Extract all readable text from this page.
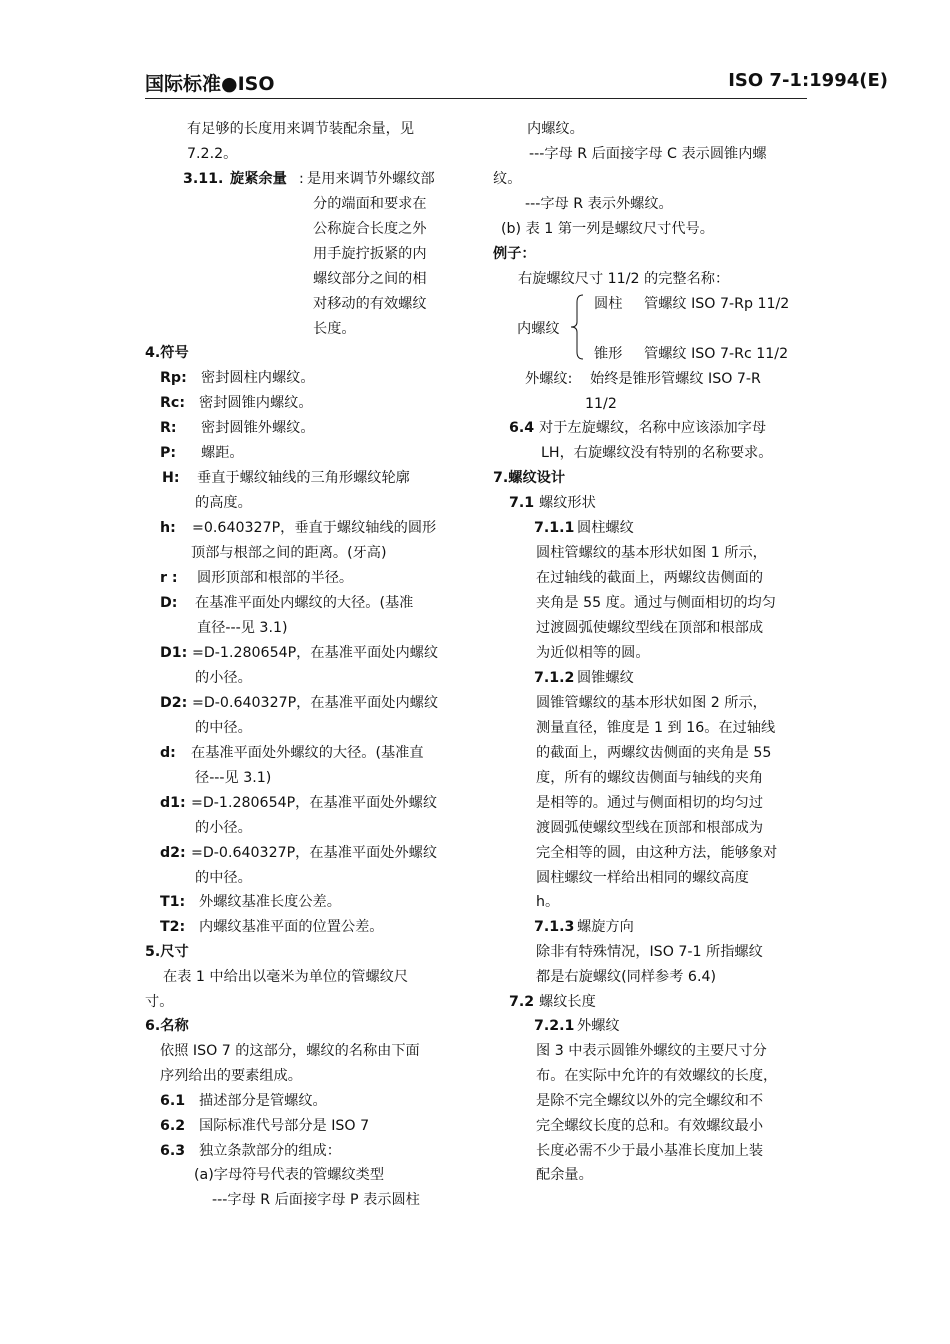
国际标准●ISO	ISO 7-1:1994(E)
有足够的长度用来调节装配余量，见
7.2.2。
3.11. 旋紧余量 : 是用来调节外螺纹部
分的端面和要求在
公称旋合长度之外
用手旋拧扳紧的内
螺纹部分之间的相
对移动的有效螺纹
长度。
4.符号
Rp: 密封圆柱内螺纹。
Rc: 密封圆锥内螺纹。
R: 密封圆锥外螺纹。
P: 螺距。
H: 垂直于螺纹轴线的三角形螺纹轮廓
的高度。
h: =0.640327P，垂直于螺纹轴线的圆形
顶部与根部之间的距离。(牙高)
r : 圆形顶部和根部的半径。
D: 在基准平面处内螺纹的大径。(基准
直径---见 3.1)
D1: =D-1.280654P，在基准平面处内螺纹
的小径。
D2: =D-0.640327P，在基准平面处内螺纹
的中径。
d: 在基准平面处外螺纹的大径。(基准直
径---见 3.1)
d1: =D-1.280654P，在基准平面处外螺纹
的小径。
d2: =D-0.640327P，在基准平面处外螺纹
的中径。
T1: 外螺纹基准长度公差。
T2: 内螺纹基准平面的位置公差。
5.尺寸
在表 1 中给出以毫米为单位的管螺纹尺
寸。
6.名称
依照 ISO 7 的这部分，螺纹的名称由下面
序列给出的要素组成。
6.1 描述部分是管螺纹。
6.2 国际标准代号部分是 ISO 7
6.3 独立条款部分的组成：
(a)字母符号代表的管螺纹类型
---字母 R 后面接字母 P 表示圆柱
内螺纹。
---字母 R 后面接字母 C 表示圆锥内螺
纹。
---字母 R 表示外螺纹。
(b) 表 1 第一列是螺纹尺寸代号。
例子：
右旋螺纹尺寸 11/2 的完整名称：
内螺纹
圆柱 管螺纹 ISO 7-Rp 11/2
锥形 管螺纹 ISO 7-Rc 11/2
外螺纹: 始终是锥形管螺纹 ISO 7-R
11/2
6.4 对于左旋螺纹，名称中应该添加字母
LH，右旋螺纹没有特别的名称要求。
7.螺纹设计
7.1 螺纹形状
7.1.1 圆柱螺纹
圆柱管螺纹的基本形状如图 1 所示，
在过轴线的截面上，两螺纹齿侧面的
夹角是 55 度。通过与侧面相切的均匀
过渡圆弧使螺纹型线在顶部和根部成
为近似相等的圆。
7.1.2 圆锥螺纹
圆锥管螺纹的基本形状如图 2 所示，
测量直径，锥度是 1 到 16。在过轴线
的截面上，两螺纹齿侧面的夹角是 55
度，所有的螺纹齿侧面与轴线的夹角
是相等的。通过与侧面相切的均匀过
渡圆弧使螺纹型线在顶部和根部成为
完全相等的圆，由这种方法，能够象对
圆柱螺纹一样给出相同的螺纹高度
h。
7.1.3 螺旋方向
除非有特殊情况，ISO 7-1 所指螺纹
都是右旋螺纹(同样参考 6.4)
7.2 螺纹长度
7.2.1 外螺纹
图 3 中表示圆锥外螺纹的主要尺寸分
布。在实际中允许的有效螺纹的长度，
是除不完全螺纹以外的完全螺纹和不
完全螺纹长度的总和。有效螺纹最小
长度必需不少于最小基准长度加上装
配余量。
